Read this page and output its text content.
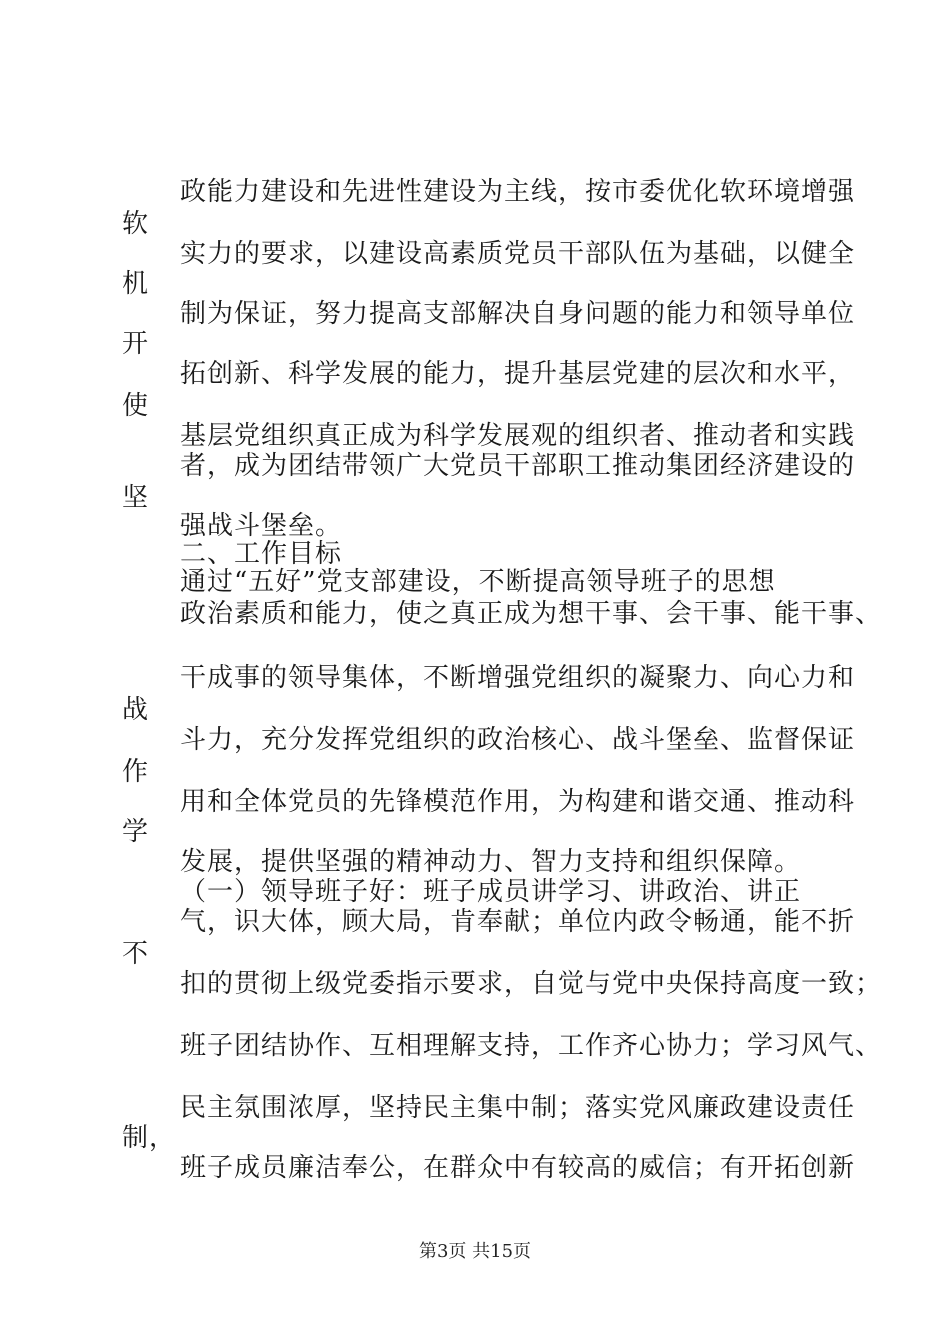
政能力建设和先进性建设为主线，按市委优化软环境增强
软
实力的要求，以建设高素质党员干部队伍为基础，以健全
机
制为保证，努力提高支部解决自身问题的能力和领导单位
开
拓创新、科学发展的能力，提升基层党建的层次和水平，
使
基层党组织真正成为科学发展观的组织者、推动者和实践
者，成为团结带领广大党员干部职工推动集团经济建设的
坚
强战斗堡垒。
二、工作目标
通过“五好”党支部建设，不断提高领导班子的思想
政治素质和能力，使之真正成为想干事、会干事、能干事、
干成事的领导集体，不断增强党组织的凝聚力、向心力和
战
斗力，充分发挥党组织的政治核心、战斗堡垒、监督保证
作
用和全体党员的先锋模范作用，为构建和谐交通、推动科
学
发展，提供坚强的精神动力、智力支持和组织保障。
（一）领导班子好：班子成员讲学习、讲政治、讲正
气，识大体，顾大局，肯奉献；单位内政令畅通，能不折
不
扣的贯彻上级党委指示要求，自觉与党中央保持高度一致；
班子团结协作、互相理解支持，工作齐心协力；学习风气、
民主氛围浓厚，坚持民主集中制；落实党风廉政建设责任
制，
班子成员廉洁奉公，在群众中有较高的威信；有开拓创新
第3页 共15页
